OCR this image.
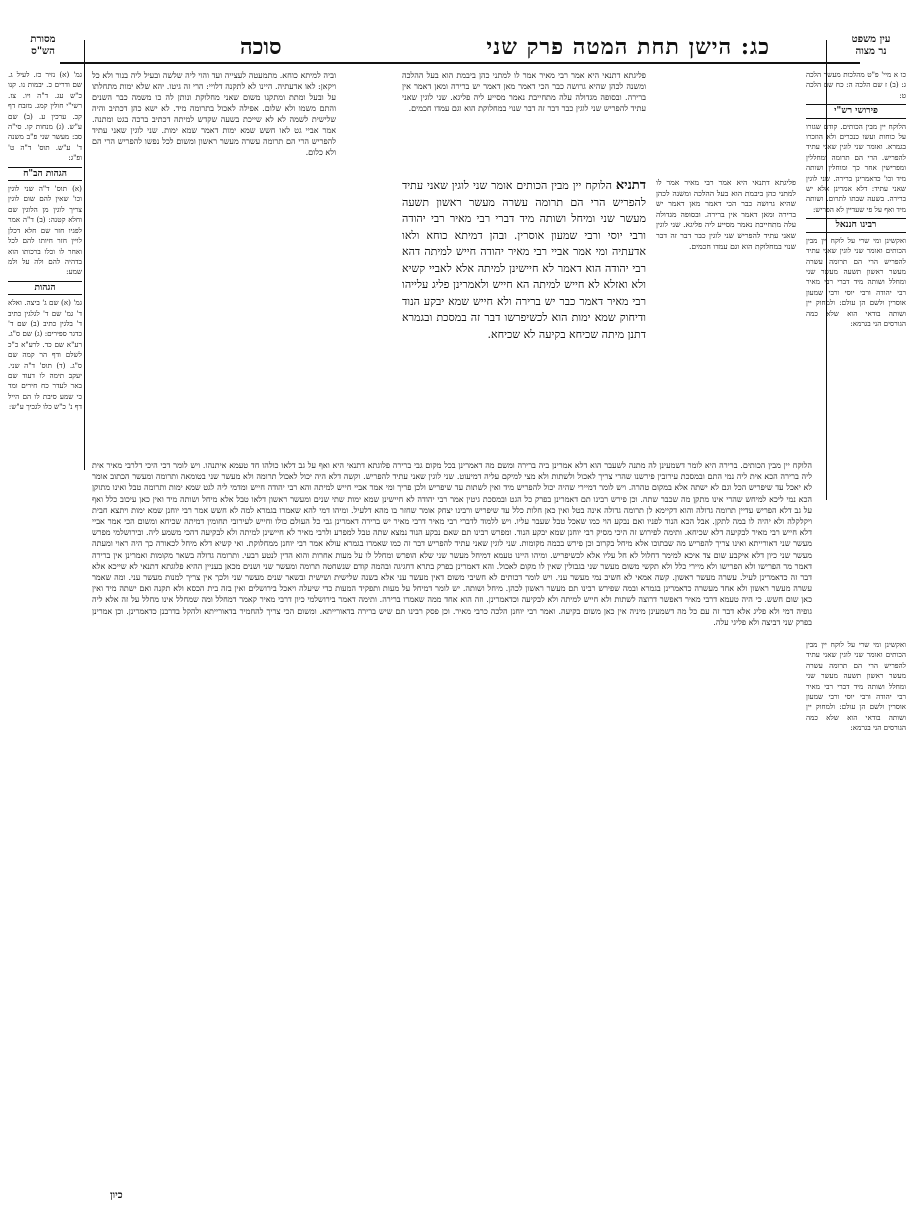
עין משפט
נר מצוה
מסורת
הש"ס	כג: הישן תחת המטה פרק שני
סוכה

כו א מיי' פ"ט מהלכות מעשר הלכה ג: (ב) ז שם הלכה ה: כח שם הלכה ט:

פירושי רש"י

הלוקח יין מבין הכותים. קודם שגזרו על כוחות ועשו כנכרים ולא הוזכרו בגמרא. ואומר שני לוגין שאני עתיד להפריש. הרי הם תרומה ומחללין ומפרישין אחר כך ומוחלין ושותה מיד וכו' כדאמרינן ברירה. שני לוגין שאני עתיד: דלא אמרינן אלא יש ברירה. בשעה שבתו לתרום. ושותה מיד ואף על פי שעדיין לא הפריש:

רבינו חננאל

ואקשינן ומי שרי על לוקח יין מבין הכותים ואומר שני לוגין שאני עתיד להפריש הרי הם תרומה עשרה מעשר ראשון תשעה מעשר שני ומחלל ושותה מיד דברי רבי מאיר רבי יהודה ורבי יוסי ורבי שמעון אוסרין ולשם הן עולם: ולמחוק יין ושותה בודאי הוא שלא כמה הגורסים הני בגרמא:

גמ' (א) נזיר כז. לעיל ג. שם ודרים כ. יבמות נו. קנו כ"ש עג. ד"ה ויו. צז. רשי"י חולין קמג. מזבח דף קכ. ערכין ע. (ב) שם ע"ש. (ג) מנחות קו. סי"ה סב: מעשר שני פ"ב משנה ד' ע"ש. תוס' ד"ה ט' ופ"ג:

הגהות הב"ח

(א) תוס' ד"ה שני לוגין וכו' שאין להם שום לוגין צריך לוגין מן הלוגין שם וחלא קטנה: (ב) ד"ה אמר לפגיו חזר שם חלא דכלן לויין חזר חיותו להם לכל ואחר לו וכלו ברכותו הוא בדהיה להם ולה על ולמ שמע:

הגהות

גמ' (א) שם ג' ביצה. ואלא ד' גמ' שם ד' לגלגין כתיב ד' בלגין כתיב (ב) שם ד' כדגר ספירים: (ג) שם ס"ג. רע"א שם כד. לרע"א כ"כ לשלם ודף הר קמה שם ס"ג. (ד) תוס' ד"ה שני. יעקב תימה לו דעוד שם באר לעדר כח חירים ומד כי שמע סיבת לו הם הייל דף נ' כ"ש כלו לגכיך ע"ש:

פליגתא דתנאי היא אמר רבי מאיר אמר לו למתני כהן ביבמת הוא בעל ההלכה ומשנה לכהן שהיא גרושה כבר הכי דאמר מאן דאמר יש ברירה ומאן דאמר אין ברירה. ובסופה מגדולה עלה מתחייבת נאמר מסייע ליה פליגא. שני לוגין שאני עתיד להפריש שני לוגין כבר דבר זה דבר שנוי במחלוקת הוא וגם עמדו חכמים.

וביה למיתא כוחא. מתמעטה לעצייה ועד והוי ליה שלשה ובעיל ליה בנור ולא כל ויקאן: לאו אדעתיה. היינו לא לתקנה דלויי: הרי זה גיטו. יהא שלא ימות מתחלתו על ובעל ומתת ומתקנו משום שאני מחלוקת ונותן לה כו משמה כבר השנים והתם משמו ולא שלום. אפילה לאכול בתרומה מיד. לא ישא כהן דכתיב והיה שלישית לשמה לא לא שייכת בשעה שקדש למיתה דכתיב ברכה בגט ומתנה. אמר אביי גט לאו חשש שמא ימות דאמר שמא ימות. שני לוגין שאני עתיד להפריש הרי הם תרומה עשרה מעשר ראשון ומשום לכל נפשו להפריש הרי הם ולא כלום.

דתניא הלוקח יין מבין הכותים אומר שני לוגין שאני עתיד להפריש הרי הם תרומה עשרה מעשר ראשון תשעה מעשר שני ומיחל ושותה מיד דברי רבי מאיר רבי יהודה ורבי יוסי ורבי שמעון אוסרין. ובהן דמיתא כוחא ולאו אדעתיה ומי אמר אביי רבי מאיר יהודה חייש למיתה דהא רבי יהודה הוא דאמר לא חיישינן למיתה אלא לאביי קשיא ולא ואזלא לא חייש למיתה הא חייש ולאמרינן פליג עלייהו רבי מאיר דאמר כבר יש ברירה ולא חייש שמא יבקע הנוד ודיחוק שמא ימות הוא לכשיפרשו דבר זה במסכת ובגמרא דתנן מיתה שכיחא בקיעה לא שכיחא.

פליגתא דתנאי היא אמר רבי מאיר אמר לו למתני כהן ביבמת הוא בעל ההלכה ומשנה לכהן שהיא גרושה כבר הכי דאמר מאן דאמר יש ברירה ומאן דאמר אין ברירה. ובסופה מגדולה עלה מתחייבת נאמר מסייע ליה פליגא. שני לוגין שאני עתיד להפריש שני לוגין כבר דבר זה דבר שנוי במחלוקת הוא וגם עמדו חכמים.

הלוקח יין מבין הכותים. ברירה היא לומר דשמעינן לה מתנה לשעבר הוא דלא אמרינן ביה ברירה ומשם מה דאמרינן בכל מקום גבי ברירה פלוגתא דתנאי היא ואף על גב דלאו כולהו חד טעמא איתנהו. ויש לומר דכי היכי דלרבי מאיר אית ליה ברירה הכא אית ליה נמי התם ובמסכת עירובין פירשנו שהרי צריך לאכול ולשתות ולא מצי למיקם עליה דמיעוט. שני לוגין שאני עתיד להפריש. וקשה דלא היה יכול לאכול תרומה ולא מעשר שני בטומאה ותרומה ומעשר הכתוב אומר לא יאכל עד שיפריש הכל וגם לא ישתה אלא במקום טהרה. ויש לומר דמיירי שהיה יכול להפריש מיד ואין לשתות עד שיפריש ולכן פריך ומי אמר אביי חייש למיתה והא רבי יהודה חייש ומדמי ליה לגט שמא ימות ותרומה טבל ואינו מתוקן הכא נמי ליכא למיחש שהרי אינו מתקן מה שכבר שתה. וכן פירש רבינו תם דאמרינן בפרק כל הגט ובמסכת גיטין אמר רבי יהודה לא חיישינן שמא ימות שתי שנים ומעשר ראשון דלאו טבל אלא מיחל ושותה מיד ואין כאן עיכוב כלל ואף על גב דלא הפריש עדיין תרומה גדולה והוא דקיימא לן תרומה גדולה אינה בטל ואין כאן חלות כלל עד שיפריש ורבינו יצחק אומר שחזר בו מהא דלעיל. ומיהו דמי להא שאמרו בגמרא למה לא חשש אמר רבי יוחנן שמא ימות ויתצא חבית ויקלקלה ולא יהיה לו במה לתקן. אבל הכא הנוד לפניו ואם נבקע הוי כמו שאכל טבל שעבר עליו. ויש ללמוד לדברי רבי מאיר דרבי מאיר יש ברירה דאמרינן גבי כל העולם כולו וחייש לעירובי תחומין דמיתה שכיחא ומשום הכי אמר אביי דלא חייש רבי מאיר לבקיעה דלא שכיחא. ותימה לפירוש זה היכי מסיק רבי יוחנן שמא יבקע הנוד. ומפרש רבינו תם שאם נבקע הנוד נמצא שתה טבל למפרע ולרבי מאיר לא חיישינן למיתה ולא לבקיעה דהכי משמע ליה. ובירושלמי מפרש מעשר שני דאורייתא ואינו צריך להפריש מה שבתוכו אלא מיחל בקרוב וכן פירש בכמה מקומות. שני לוגין שאני עתיד להפריש דבר זה כמו שאמרו בגמרא עולא אמר רבי יוחנן ממחלוקת. ואי קשיא דלא מיחל לכאורה כך היה ראוי ומעתה מעשר שני כיון דלא איקבע שום צד איכא למימר דחלול לא חל עליו אלא לכשיפריש. ומיהו היינו טעמא דמיחל מעשר שני שלא הופרש ומחלל לו על מעות אחרות והוא הדין לנטע רבעי. ותרומה גדולה בשאר מקומות ואמרינן אין ברירה דאמר מר הפרישו ולא הפרישו ולא מיירי כלל ולא תקשי משום מעשר שני בגבולין שאין לו מקום לאכול. והא דאמרינן בפרק בתרא דחגיגה ובהמה קודם שנשחטה תרומה ומעשר שני ושנים מכאן בעניין ההיא פלוגתא דתנאי לא שייכא אלא דבר זה כדאמרינן לעיל. עשרה מעשר ראשון. קשה אמאי לא חשיב נמי מעשר עני. ויש לומר דכותים לא חשיבי משום דאין מעשר עני אלא בשנה שלישית ושישית ובשאר שנים מעשר שני ולכך אין צריך למנות מעשר עני. ומה שאמר עשרה מעשר ראשון ולא אחד מעשרה כדאמרינן בגמרא ובמה שפירש רבינו תם מעשר ראשון לכהן. מיחל ושותה. יש לומר דמיחל על מעות ותפקיד המעות כדי שיעלה ויאכל בירושלים ואין בזה בית הכסא ולא תקנה ואם ישתה מיד ואין כאן שום חשש. כי היה טעמא דרבי מאיר דאפשר דרוצה לשתות ולא חייש למיתה ולא לבקיעה וכדאמרינן. וזה הוא אחד ממה שאמרו ברירה. ותימה דאמר בירושלמי כיון דרבי מאיר קאמר דמחלל ומה שמחלל אינו מחלל על זה אלא ליה גופיה דמי ולא פליג אלא דבר זה עם כל מה דשמעינן מיניה אין כאן משום בקיעה. ואמר רבי יוחנן הלכה כרבי מאיר. וכן פסק רבינו תם שיש ברירה בדאורייתא. ומשום הכי צריך להחמיר בדאורייתא ולהקל בדרבנן כדאמרינן. וכן אמרינן בפרק שני דביצה ולא פליגי עלה.

ואקשינן ומי שרי על לוקח יין מבין הכותים ואומר שני לוגין שאני עתיד להפריש הרי הם תרומה עשרה מעשר ראשון תשעה מעשר שני ומחלל ושותה מיד דברי רבי מאיר רבי יהודה ורבי יוסי ורבי שמעון אוסרין ולשם הן עולם: ולמחוק יין ושותה בודאי הוא שלא כמה הגורסים הני בגרמא:

כיון
